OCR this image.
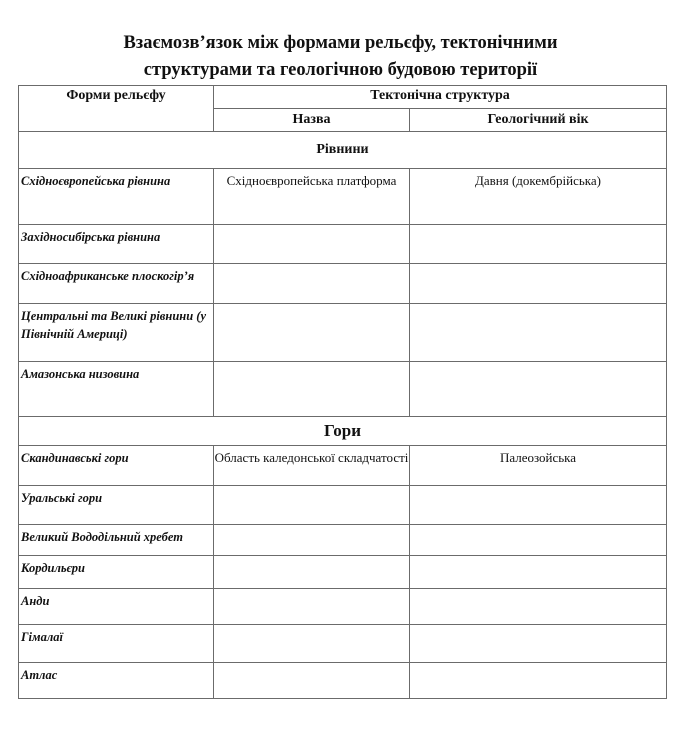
Взаємозв’язок між формами рельєфу, тектонічними
структурами та геологічною будовою території
Форми рельєфу	Тектонічна структура	
	Назва	Геологічний вік
Рівнини		
Східноєвропейська рівнина	Східноєвропейська платформа	Давня (докембрійська)
Західносибірська рівнина		
Східноафриканське плоскогір’я		
Центральні та Великі рівнини (у Північній Америці)		
Амазонська низовина		
Гори		
Скандинавські гори	Область каледонської складчатості	Палеозойська
Уральські гори		
Великий Вододільний хребет		
Кордильєри		
Анди		
Гімалаї		
Атлас		
